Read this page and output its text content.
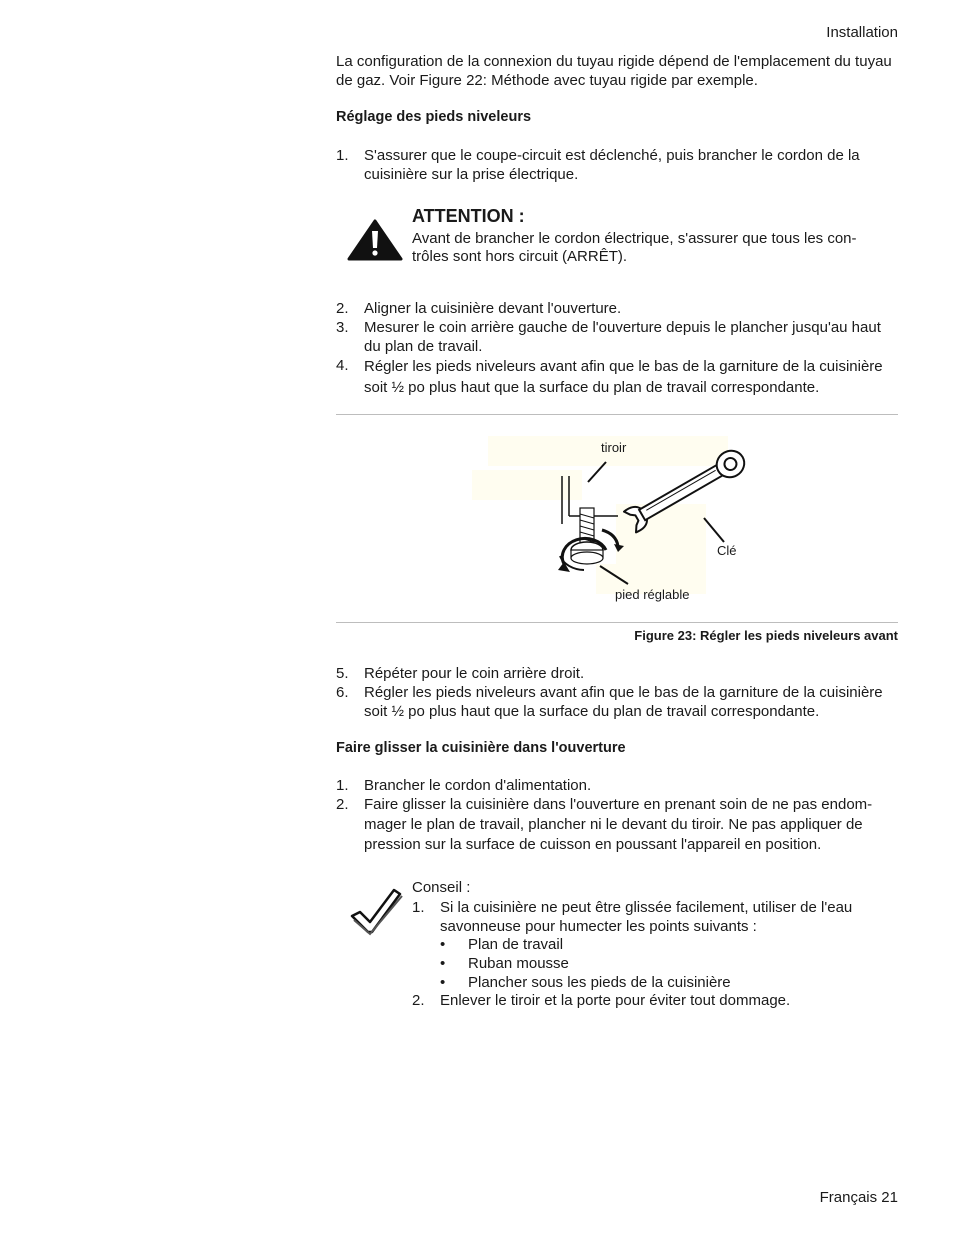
Installation

La configuration de la connexion du tuyau rigide dépend de l'emplacement du tuyau de gaz. Voir Figure 22: Méthode avec tuyau rigide par exemple.

Réglage des pieds niveleurs

1.	S'assurer que le coupe-circuit est déclenché, puis brancher le cordon de la cuisinière sur la prise électrique.
ATTENTION :
Avant de brancher le cordon électrique, s'assurer que tous les con-trôles sont hors circuit (ARRÊT).
2.	Aligner la cuisinière devant l'ouverture.
3.	Mesurer le coin arrière gauche de l'ouverture depuis le plancher jusqu'au haut du plan de travail.
4.	Régler les pieds niveleurs avant afin que le bas de la garniture de la cuisinière soit ½ po plus haut que la surface du plan de travail correspondante.
tiroir
Clé
pied réglable
Figure 23: Régler les pieds niveleurs avant
5.	Répéter pour le coin arrière droit.
6.	Régler les pieds niveleurs avant afin que le bas de la garniture de la cuisinière soit ½ po plus haut que la surface du plan de travail correspondante.

Faire glisser la cuisinière dans l'ouverture

1.	Brancher le cordon d'alimentation.
2.	Faire glisser la cuisinière dans l'ouverture en prenant soin de ne pas endom-mager le plan de travail, plancher ni le devant du tiroir. Ne pas appliquer de pression sur la surface de cuisson en poussant l'appareil en position.
Conseil :
1.	Si la cuisinière ne peut être glissée facilement, utiliser de l'eau savonneuse pour humecter les points suivants :
• Plan de travail
• Ruban mousse
• Plancher sous les pieds de la cuisinière
2.	Enlever le tiroir et la porte pour éviter tout dommage.
Français 21
